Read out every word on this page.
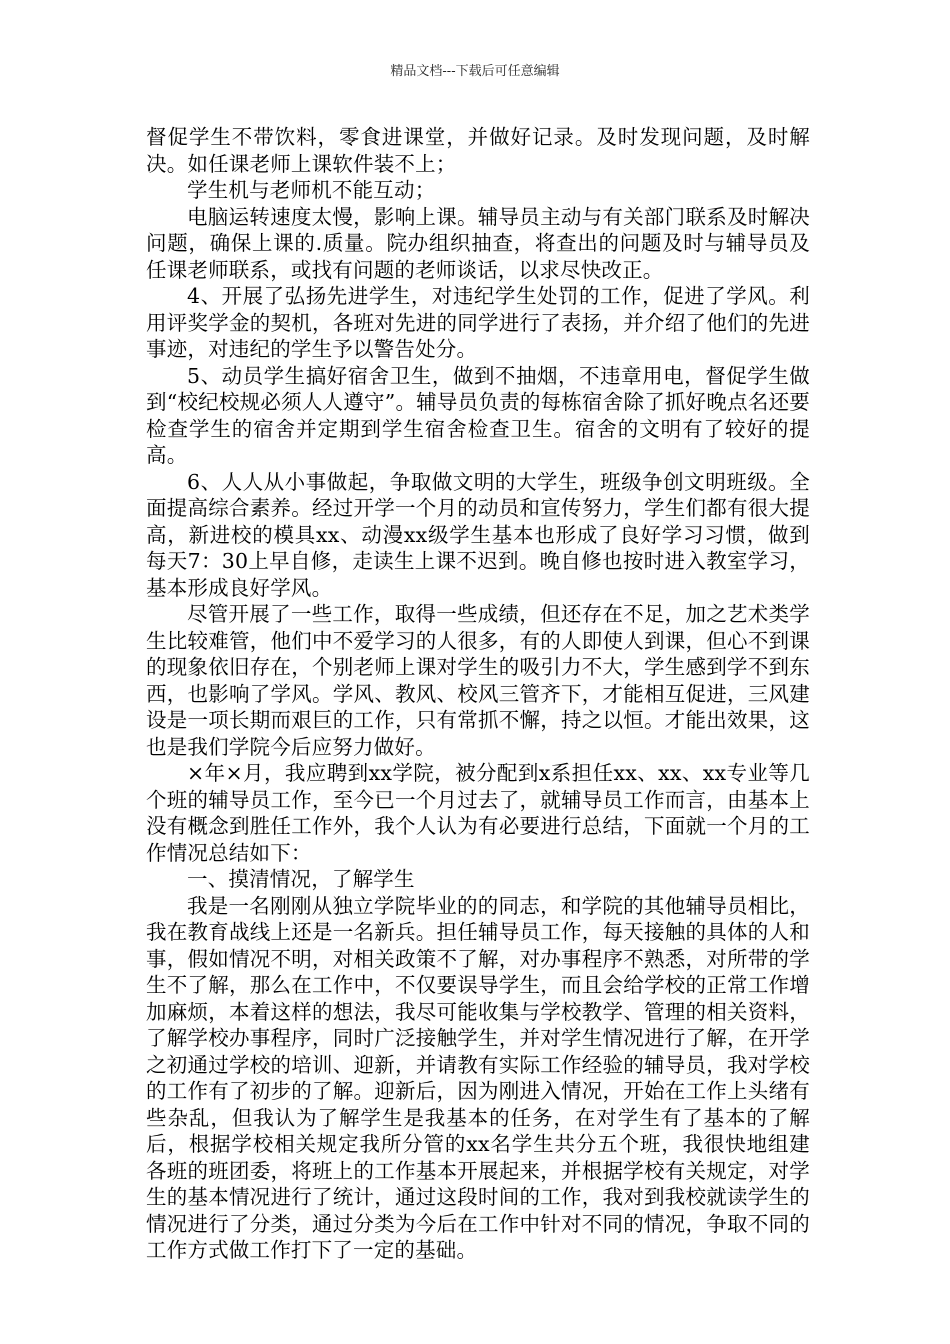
精品文档---下载后可任意编辑

督促学生不带饮料，零食进课堂，并做好记录。及时发现问题，及时解决。如任课老师上课软件装不上；

学生机与老师机不能互动；

电脑运转速度太慢，影响上课。辅导员主动与有关部门联系及时解决问题，确保上课的.质量。院办组织抽查，将查出的问题及时与辅导员及任课老师联系，或找有问题的老师谈话，以求尽快改正。

4、开展了弘扬先进学生，对违纪学生处罚的工作，促进了学风。利用评奖学金的契机，各班对先进的同学进行了表扬，并介绍了他们的先进事迹，对违纪的学生予以警告处分。

5、动员学生搞好宿舍卫生，做到不抽烟，不违章用电，督促学生做到“校纪校规必须人人遵守”。辅导员负责的每栋宿舍除了抓好晚点名还要检查学生的宿舍并定期到学生宿舍检查卫生。宿舍的文明有了较好的提高。

6、人人从小事做起，争取做文明的大学生，班级争创文明班级。全面提高综合素养。经过开学一个月的动员和宣传努力，学生们都有很大提高，新进校的模具xx、动漫xx级学生基本也形成了良好学习习惯，做到每天7：30上早自修，走读生上课不迟到。晚自修也按时进入教室学习，基本形成良好学风。

尽管开展了一些工作，取得一些成绩，但还存在不足，加之艺术类学生比较难管，他们中不爱学习的人很多，有的人即使人到课，但心不到课的现象依旧存在，个别老师上课对学生的吸引力不大，学生感到学不到东西，也影响了学风。学风、教风、校风三管齐下，才能相互促进，三风建设是一项长期而艰巨的工作，只有常抓不懈，持之以恒。才能出效果，这也是我们学院今后应努力做好。

×年×月，我应聘到xx学院，被分配到x系担任xx、xx、xx专业等几个班的辅导员工作，至今已一个月过去了，就辅导员工作而言，由基本上没有概念到胜任工作外，我个人认为有必要进行总结，下面就一个月的工作情况总结如下：

一、摸清情况，了解学生

我是一名刚刚从独立学院毕业的的同志，和学院的其他辅导员相比，我在教育战线上还是一名新兵。担任辅导员工作，每天接触的具体的人和事，假如情况不明，对相关政策不了解，对办事程序不熟悉，对所带的学生不了解，那么在工作中，不仅要误导学生，而且会给学校的正常工作增加麻烦，本着这样的想法，我尽可能收集与学校教学、管理的相关资料，了解学校办事程序，同时广泛接触学生，并对学生情况进行了解，在开学之初通过学校的培训、迎新，并请教有实际工作经验的辅导员，我对学校的工作有了初步的了解。迎新后，因为刚进入情况，开始在工作上头绪有些杂乱，但我认为了解学生是我基本的任务，在对学生有了基本的了解后，根据学校相关规定我所分管的xx名学生共分五个班，我很快地组建各班的班团委，将班上的工作基本开展起来，并根据学校有关规定，对学生的基本情况进行了统计，通过这段时间的工作，我对到我校就读学生的情况进行了分类，通过分类为今后在工作中针对不同的情况，争取不同的工作方式做工作打下了一定的基础。
